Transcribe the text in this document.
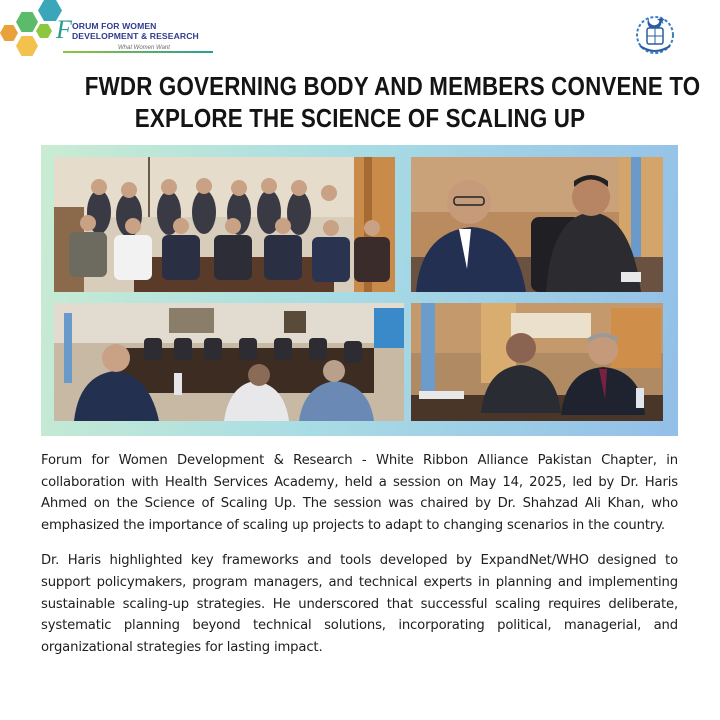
F ORUM FOR WOMEN
DEVELOPMENT & RESEARCH
What Women Want
FWDR GOVERNING BODY AND MEMBERS CONVENE TO
EXPLORE THE SCIENCE OF SCALING UP
Forum for Women Development & Research - White Ribbon Alliance Pakistan Chapter, in collaboration with Health Services Academy, held a session on May 14, 2025, led by Dr. Haris Ahmed on the Science of Scaling Up. The session was chaired by Dr. Shahzad Ali Khan, who emphasized the importance of scaling up projects to adapt to changing scenarios in the country.
Dr. Haris highlighted key frameworks and tools developed by ExpandNet/WHO designed to support policymakers, program managers, and technical experts in planning and implementing sustainable scaling-up strategies. He underscored that successful scaling requires deliberate, systematic planning beyond technical solutions, incorporating political, managerial, and organizational strategies for lasting impact.
